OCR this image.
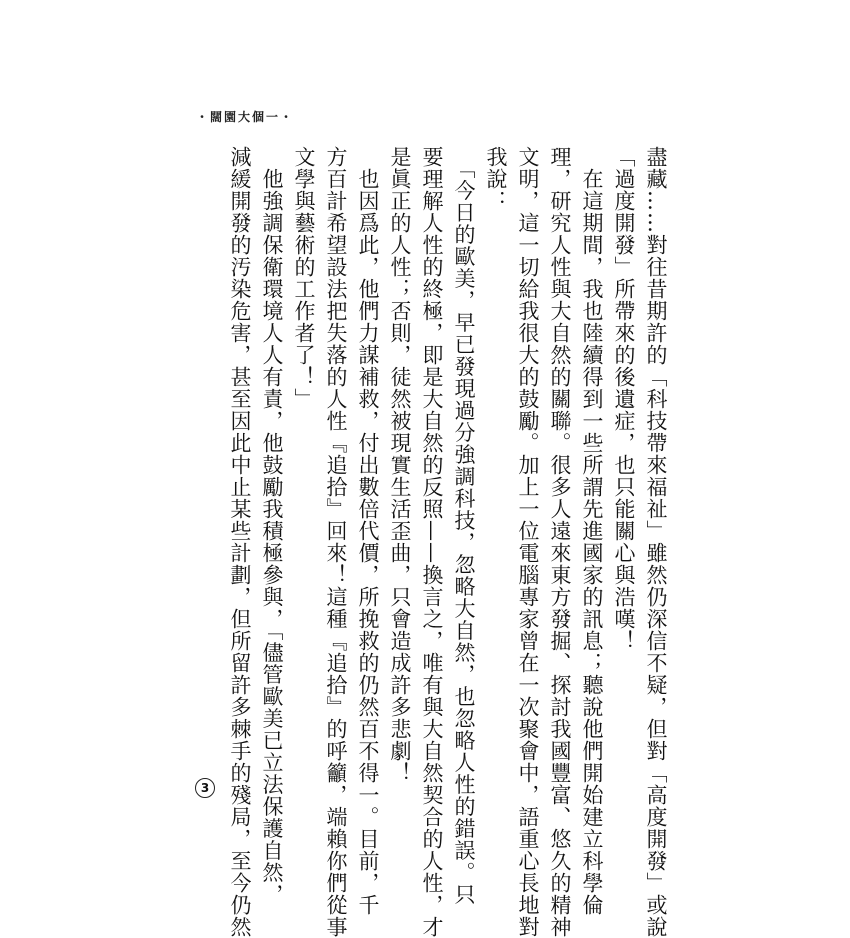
・闊園大個一・
盡藏……對往昔期許的「科技帶來福祉」雖然仍深信不疑，但對「高度開發」或說
「過度開發」所帶來的後遺症，也只能關心與浩嘆！
　在這期間，我也陸續得到一些所謂先進國家的訊息；聽說他們開始建立科學倫
理，研究人性與大自然的關聯。很多人遠來東方發掘、探討我國豐富、悠久的精神
文明，這一切給我很大的鼓勵。加上一位電腦專家曾在一次聚會中，語重心長地對
我說：
　「今日的歐美，早已發現過分強調科技，忽略大自然，也忽略人性的錯誤。只
要理解人性的終極，即是大自然的反照——換言之，唯有與大自然契合的人性，才
是眞正的人性；否則，徒然被現實生活歪曲，只會造成許多悲劇！
　也因爲此，他們力謀補救，付出數倍代價，所挽救的仍然百不得一。目前，千
方百計希望設法把失落的人性『追拾』回來！這種『追拾』的呼籲，端賴你們從事
文學與藝術的工作者了！」
　他強調保衛環境人人有責，他鼓勵我積極參與，「儘管歐美已立法保護自然，
減緩開發的汚染危害，甚至因此中止某些計劃，但所留許多棘手的殘局，至今仍然
3
